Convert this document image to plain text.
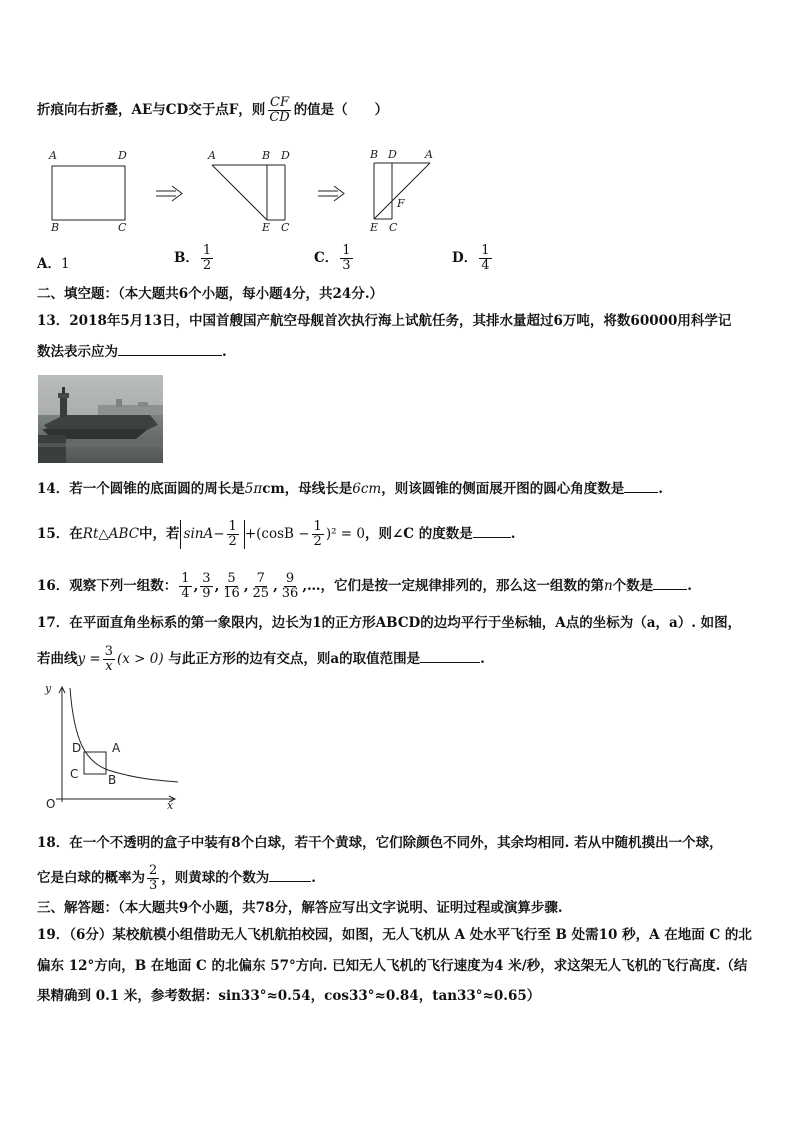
折痕向右折叠，AE与CD交于点F，则 $\frac{CF}{CD}$ 的值是（　　）
A	D
B	C
A	B D
E C
B D	A
F
E C
A．1	B． $\frac{1}{2}$	C． $\frac{1}{3}$	D． $\frac{1}{4}$
二、填空题：（本大题共6个小题，每小题4分，共24分.）
13．2018年5月13日，中国首艘国产航空母舰首次执行海上试航任务，其排水量超过6万吨，将数60000用科学记
数法表示应为	.
14．若一个圆锥的底面圆的周长是5πcm，母线长是6cm，则该圆锥的侧面展开图的圆心角度数是	.
15．在Rt△ABC中，若 $\sin A- \frac{1}{2} +(\cos B - \frac{1}{2} )^2 = 0$，则∠C 的度数是	.
16．观察下列一组数： $\frac{1}{4}$ , $\frac{3}{9}$ , $\frac{5}{16}$ , $\frac{7}{25}$ , $\frac{9}{36}$ ,…，它们是按一定规律排列的，那么这一组数的第n个数是	.
17．在平面直角坐标系的第一象限内，边长为1的正方形ABCD的边均平行于坐标轴，A点的坐标为（a，a）. 如图，
若曲线$y = \frac{3}{x} (x > 0)$ 与此正方形的边有交点，则a的取值范围是	.
y
x
O
D	A
C B
18．在一个不透明的盒子中装有8个白球，若干个黄球，它们除颜色不同外，其余均相同. 若从中随机摸出一个球，
它是白球的概率为 $\frac{2}{3}$ ，则黄球的个数为	.
三、解答题：（本大题共9个小题，共78分，解答应写出文字说明、证明过程或演算步骤.
19．（6分）某校航模小组借助无人飞机航拍校园，如图，无人飞机从 A 处水平飞行至 B 处需10 秒，A 在地面 C 的北
偏东 12°方向，B 在地面 C 的北偏东 57°方向. 已知无人飞机的飞行速度为4 米/秒，求这架无人飞机的飞行高度.（结
果精确到 0.1 米，参考数据：sin33°≈0.54，cos33°≈0.84，tan33°≈0.65）
